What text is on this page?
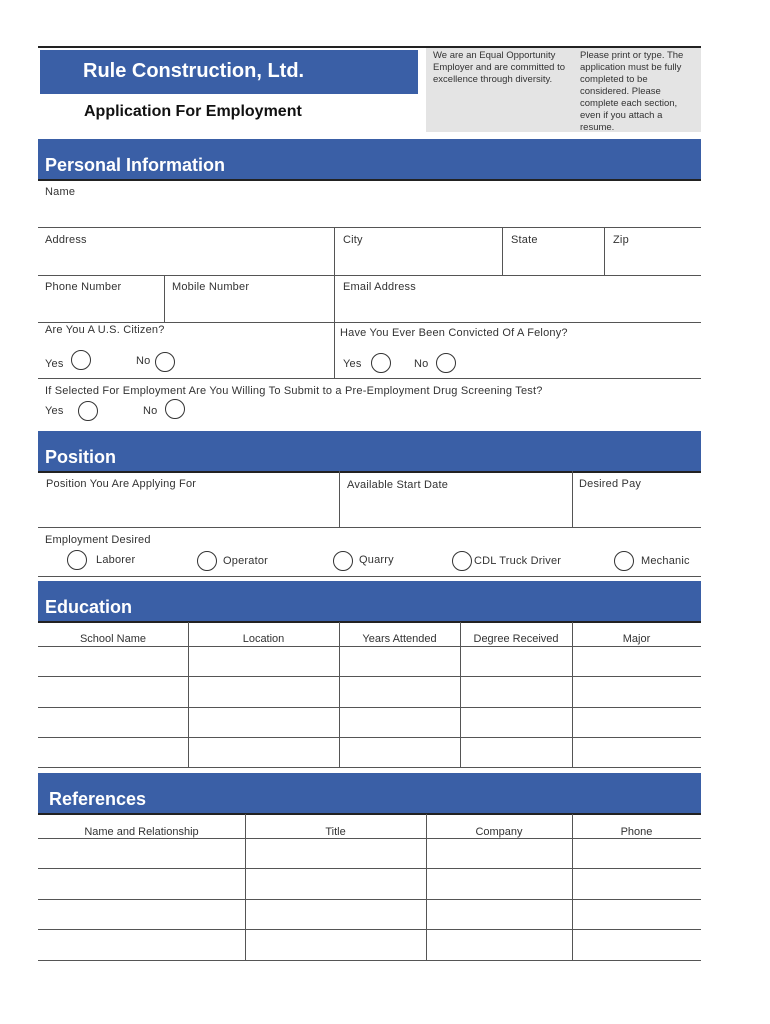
Rule Construction, Ltd.
Application For Employment
We are an Equal Opportunity Employer and are committed to excellence through diversity.
Please print or type. The application must be fully completed to be considered. Please complete each section, even if you attach a resume.
Personal Information
Name
Address	City	State	Zip
Phone Number	Mobile Number	Email Address
Are You A U.S. Citizen?
Yes	No
Have You Ever Been Convicted Of A Felony?
Yes	No
If Selected For Employment Are You Willing To Submit to a Pre-Employment Drug Screening Test?
Yes	No
Position
Position You Are Applying For	Available Start Date	Desired Pay
Employment Desired
Laborer	Operator	Quarry	CDL Truck Driver	Mechanic
Education
School Name	Location	Years Attended	Degree Received	Major
References
Name and Relationship	Title	Company	Phone
